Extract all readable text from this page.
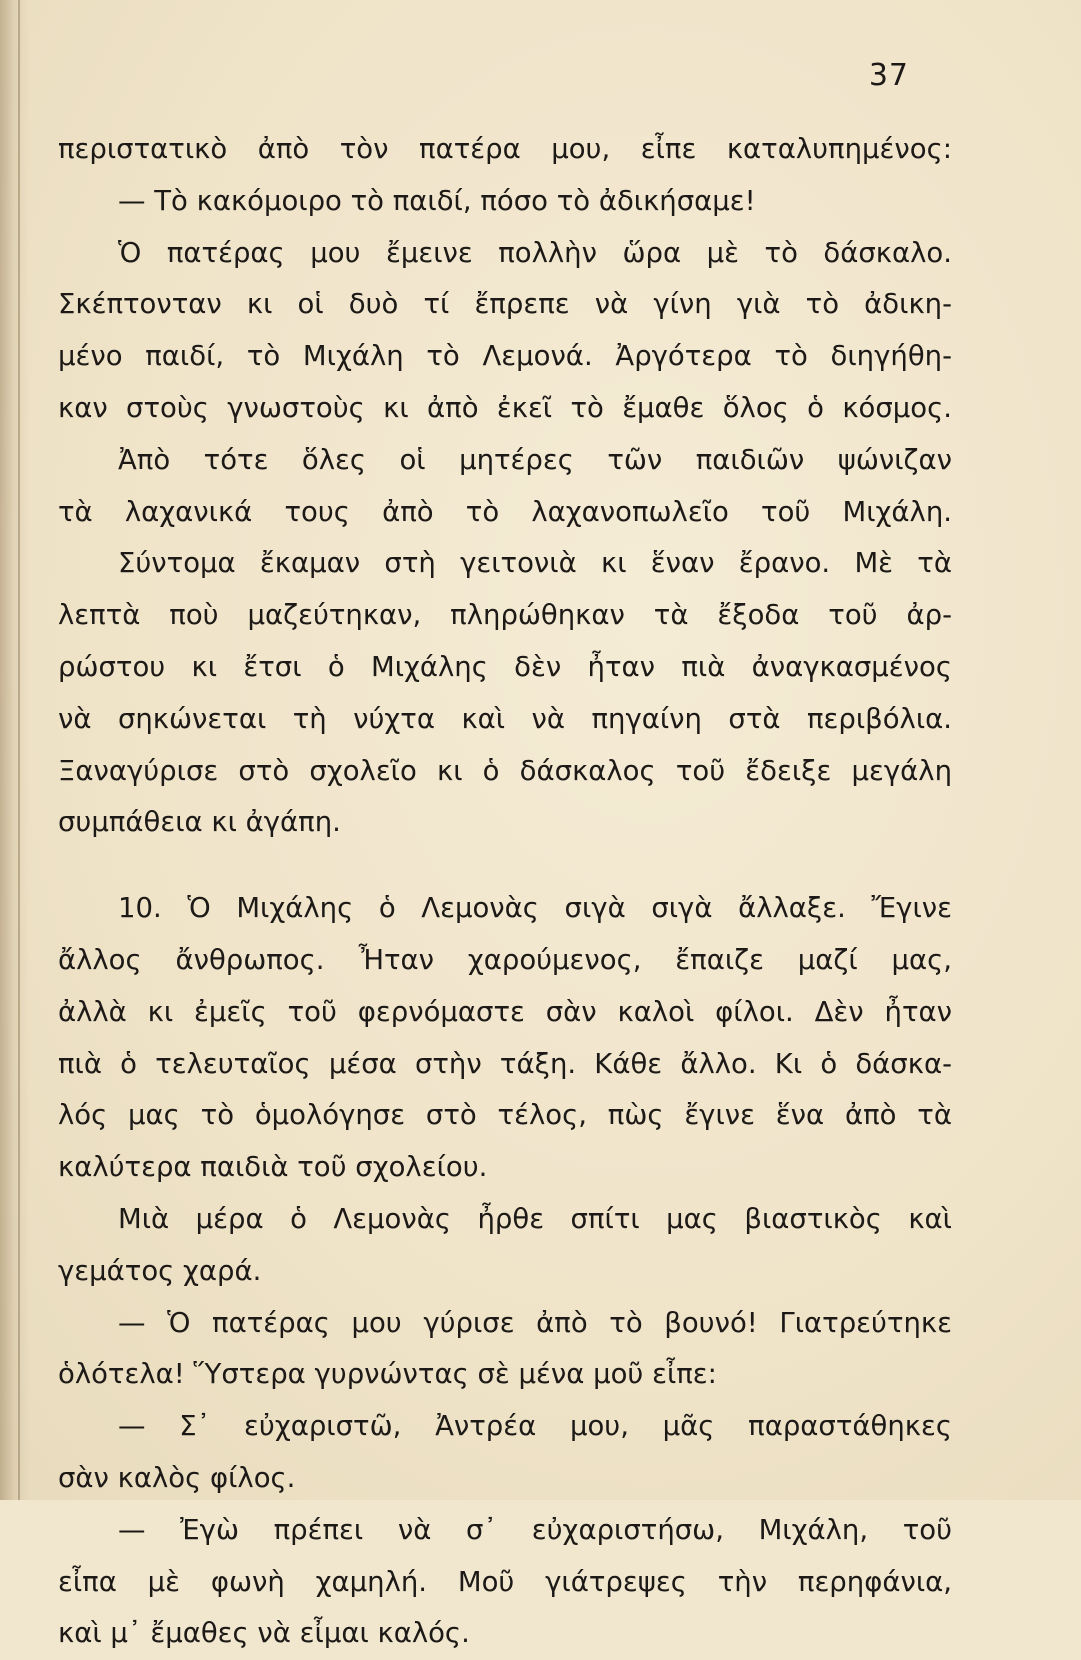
37
περιστατικὸ ἀπὸ τὸν πατέρα μου, εἶπε καταλυπημένος:
— Τὸ κακόμοιρο τὸ παιδί, πόσο τὸ ἀδικήσαμε!
Ὁ πατέρας μου ἔμεινε πολλὴν ὥρα μὲ τὸ δάσκαλο.
Σκέπτονταν κι οἱ δυὸ τί ἔπρεπε νὰ γίνη γιὰ τὸ ἀδικη-
μένο παιδί, τὸ Μιχάλη τὸ Λεμονά. Ἀργότερα τὸ διηγήθη-
καν στοὺς γνωστοὺς κι ἀπὸ ἐκεῖ τὸ ἔμαθε ὅλος ὁ κόσμος.
Ἀπὸ τότε ὅλες οἱ μητέρες τῶν παιδιῶν ψώνιζαν
τὰ λαχανικά τους ἀπὸ τὸ λαχανοπωλεῖο τοῦ Μιχάλη.
Σύντομα ἔκαμαν στὴ γειτονιὰ κι ἕναν ἔρανο. Μὲ τὰ
λεπτὰ ποὺ μαζεύτηκαν, πληρώθηκαν τὰ ἔξοδα τοῦ ἀρ-
ρώστου κι ἔτσι ὁ Μιχάλης δὲν ἦταν πιὰ ἀναγκασμένος
νὰ σηκώνεται τὴ νύχτα καὶ νὰ πηγαίνη στὰ περιβόλια.
Ξαναγύρισε στὸ σχολεῖο κι ὁ δάσκαλος τοῦ ἔδειξε μεγάλη
συμπάθεια κι ἀγάπη.
10. Ὁ Μιχάλης ὁ Λεμονὰς σιγὰ σιγὰ ἄλλαξε. Ἔγινε
ἄλλος ἄνθρωπος. Ἦταν χαρούμενος, ἔπαιζε μαζί μας,
ἀλλὰ κι ἐμεῖς τοῦ φερνόμαστε σὰν καλοὶ φίλοι. Δὲν ἦταν
πιὰ ὁ τελευταῖος μέσα στὴν τάξη. Κάθε ἄλλο. Κι ὁ δάσκα-
λός μας τὸ ὁμολόγησε στὸ τέλος, πὼς ἔγινε ἕνα ἀπὸ τὰ
καλύτερα παιδιὰ τοῦ σχολείου.
Μιὰ μέρα ὁ Λεμονὰς ἦρθε σπίτι μας βιαστικὸς καὶ
γεμάτος χαρά.
— Ὁ πατέρας μου γύρισε ἀπὸ τὸ βουνό! Γιατρεύτηκε
ὁλότελα! Ὕστερα γυρνώντας σὲ μένα μοῦ εἶπε:
— Σ᾽ εὐχαριστῶ, Ἀντρέα μου, μᾶς παραστάθηκες
σὰν καλὸς φίλος.
— Ἐγὼ πρέπει νὰ σ᾽ εὐχαριστήσω, Μιχάλη, τοῦ
εἶπα μὲ φωνὴ χαμηλή. Μοῦ γιάτρεψες τὴν περηφάνια,
καὶ μ᾽ ἔμαθες νὰ εἶμαι καλός.
